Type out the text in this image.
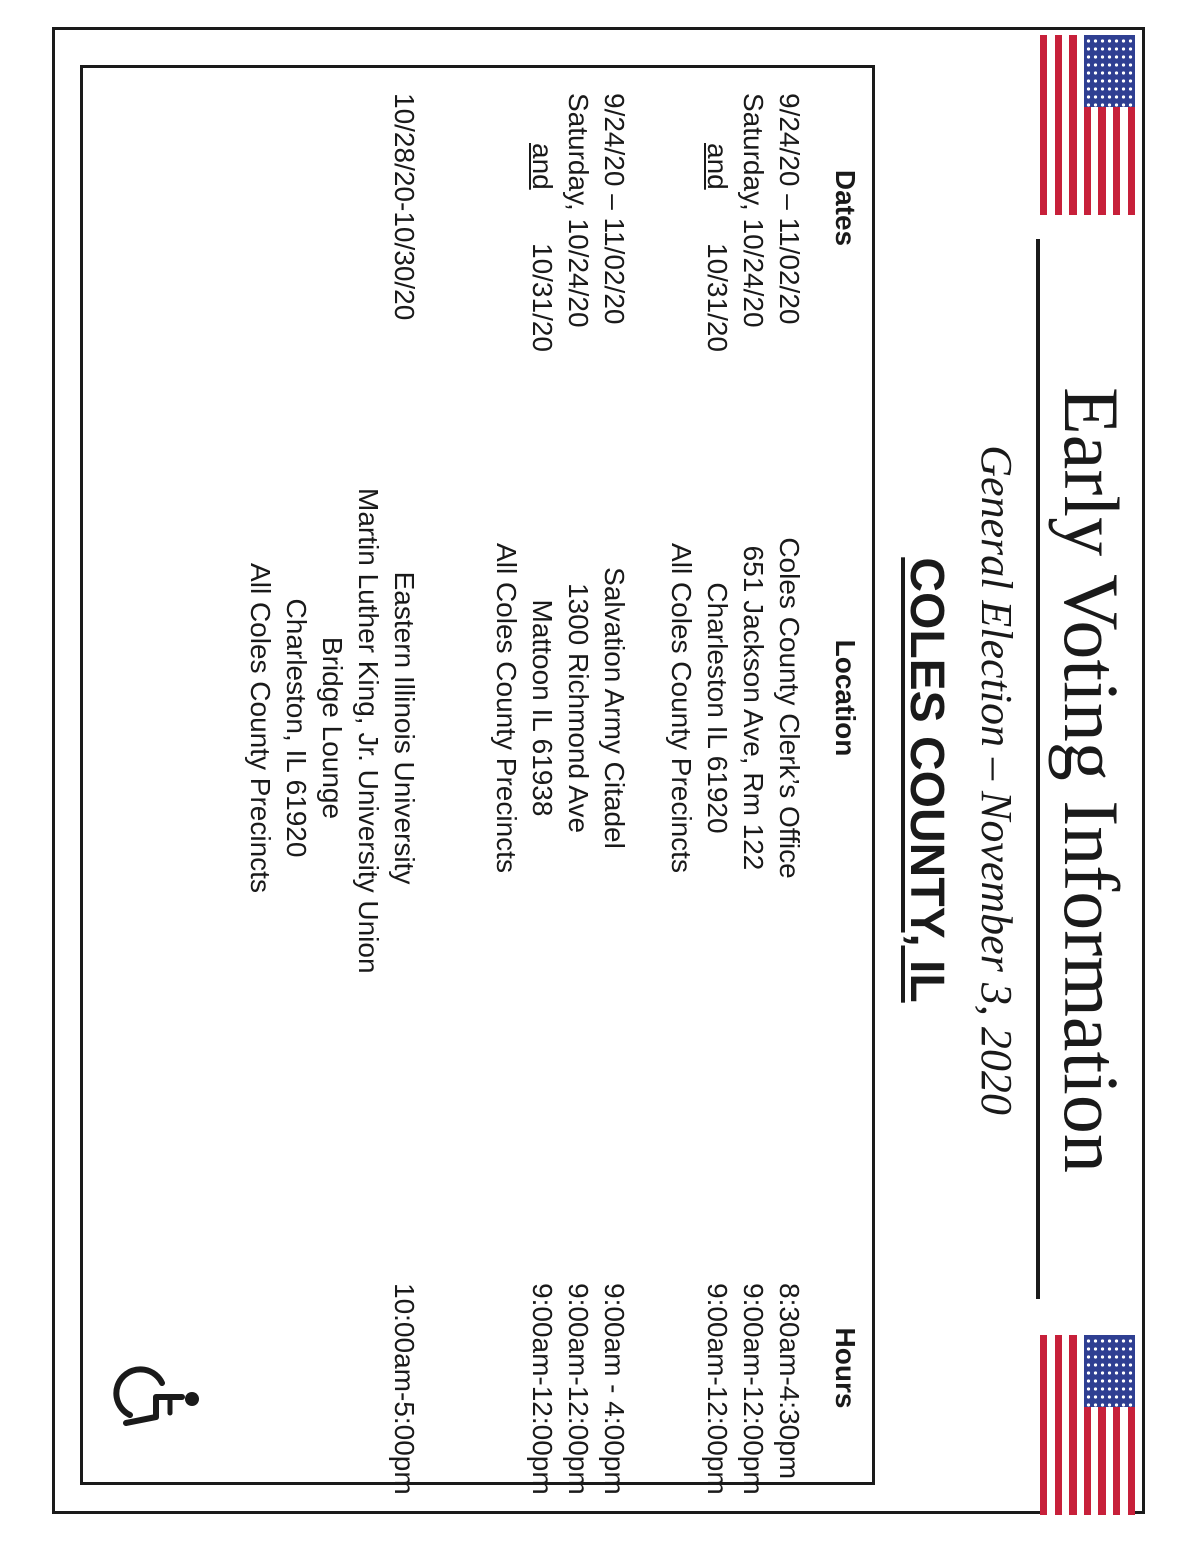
Early Voting Information
General Election – November 3, 2020
COLES COUNTY, IL
Dates
Location
Hours
9/24/20 – 11/02/20
Saturday, 10/24/20
and
10/31/20
Coles County Clerk’s Office
651 Jackson Ave, Rm 122
Charleston IL 61920
All Coles County Precincts
8:30am-4:30pm
9:00am-12:00pm
9:00am-12:00pm
9/24/20 – 11/02/20
Saturday, 10/24/20
and
10/31/20
Salvation Army Citadel
1300 Richmond Ave
Mattoon IL 61938
All Coles County Precincts
9:00am - 4:00pm
9:00am-12:00pm
9:00am-12:00pm
10/28/20-10/30/20
Eastern Illinois University
Martin Luther King, Jr. University Union
Bridge Lounge
Charleston, IL 61920
All Coles County Precincts
10:00am-5:00pm
